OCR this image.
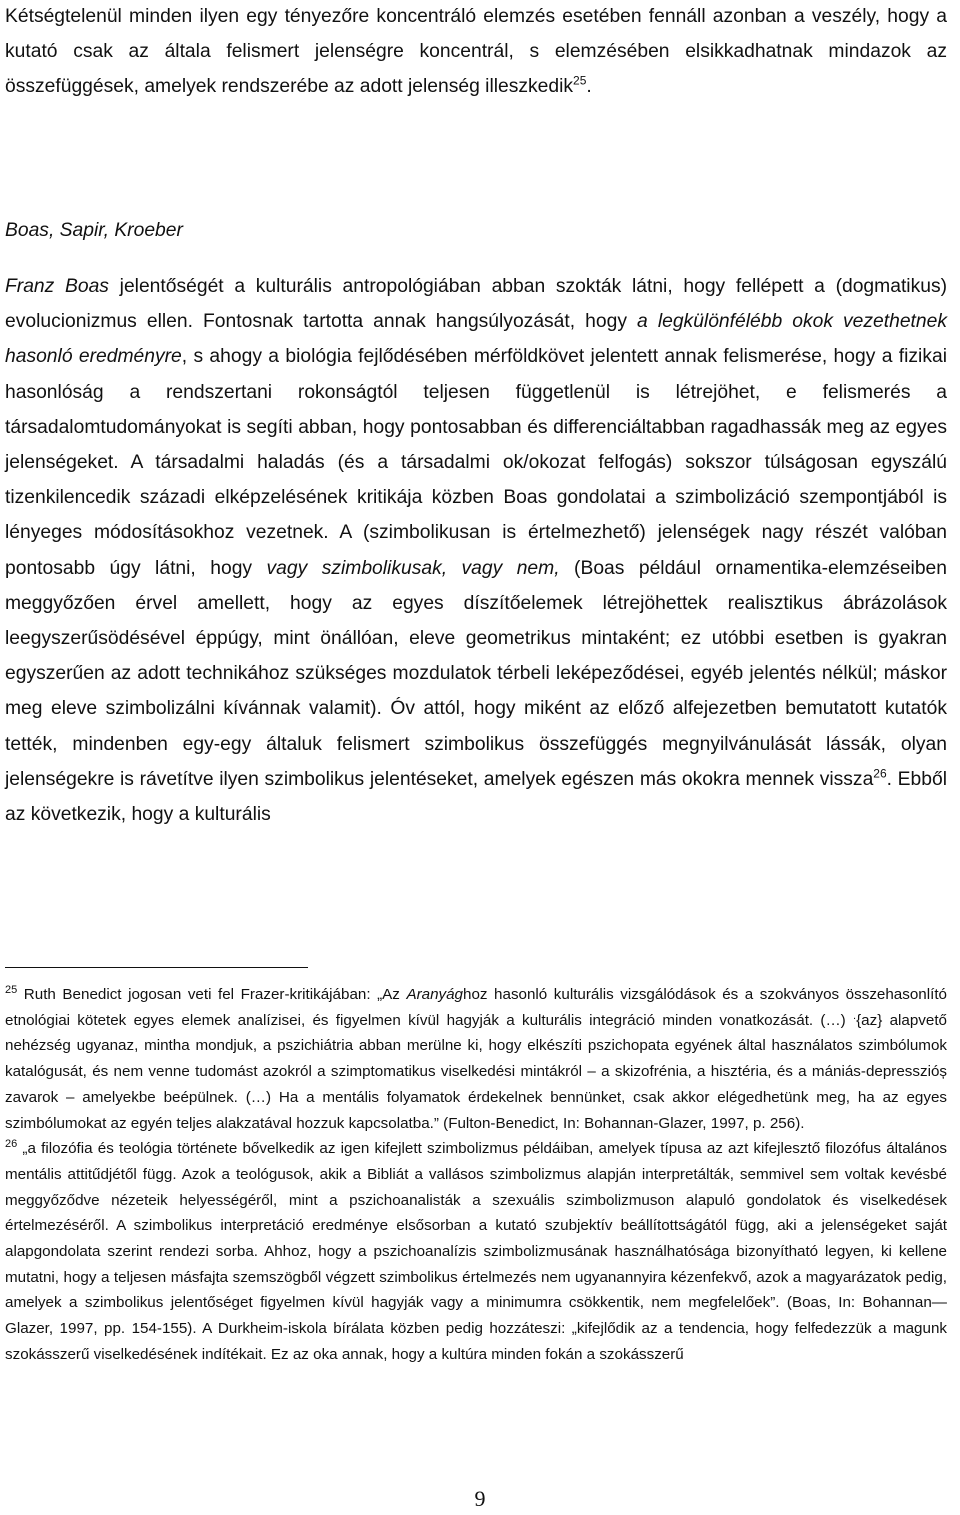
Kétségtelenül minden ilyen egy tényezőre koncentráló elemzés esetében fennáll azonban a veszély, hogy a kutató csak az általa felismert jelenségre koncentrál, s elemzésében elsikkadhatnak mindazok az összefüggések, amelyek rendszerébe az adott jelenség illeszkedik$^{25}$.
Boas, Sapir, Kroeber
Franz Boas jelentőségét a kulturális antropológiában abban szokták látni, hogy fellépett a (dogmatikus) evolucionizmus ellen. Fontosnak tartotta annak hangsúlyozását, hogy a legkülönfélébb okok vezethetnek hasonló eredményre, s ahogy a biológia fejlődésében mérföldkövet jelentett annak felismerése, hogy a fizikai hasonlóság a rendszertani rokonságtól teljesen függetlenül is létrejöhet, e felismerés a társadalomtudományokat is segíti abban, hogy pontosabban és differenciáltabban ragadhassák meg az egyes jelenségeket. A társadalmi haladás (és a társadalmi ok/okozat felfogás) sokszor túlságosan egyszálú tizenkilencedik századi elképzelésének kritikája közben Boas gondolatai a szimbolizáció szempontjából is lényeges módosításokhoz vezetnek. A (szimbolikusan is értelmezhető) jelenségek nagy részét valóban pontosabb úgy látni, hogy vagy szimbolikusak, vagy nem, (Boas például ornamentika-elemzéseiben meggyőzően érvel amellett, hogy az egyes díszítőelemek létrejöhettek realisztikus ábrázolások leegyszerűsödésével éppúgy, mint önállóan, eleve geometrikus mintaként; ez utóbbi esetben is gyakran egyszerűen az adott technikához szükséges mozdulatok térbeli leképeződései, egyéb jelentés nélkül; máskor meg eleve szimbolizálni kívánnak valamit). Óv attól, hogy miként az előző alfejezetben bemutatott kutatók tették, mindenben egy-egy általuk felismert szimbolikus összefüggés megnyilvánulását lássák, olyan jelenségekre is rávetítve ilyen szimbolikus jelentéseket, amelyek egészen más okokra mennek vissza$^{26}$. Ebből az következik, hogy a kulturális
$^{25}$ Ruth Benedict jogosan veti fel Frazer-kritikájában: „Az Aranyághoz hasonló kulturális vizsgálódások és a szokványos összehasonlító etnológiai kötetek egyes elemek analízisei, és figyelmen kívül hagyják a kulturális integráció minden vonatkozását. (…) .{az} alapvető nehézség ugyanaz, mintha mondjuk, a pszichiátria abban merülne ki, hogy elkészíti pszichopata egyének által használatos szimbólumok katalógusát, és nem venne tudomást azokról a szimptomatikus viselkedési mintákról – a skizofrénia, a hisztéria, és a mániás-depresszióș zavarok – amelyekbe beépülnek. (…) Ha a mentális folyamatok érdekelnek bennünket, csak akkor elégedhetünk meg, ha az egyes szimbólumokat az egyén teljes alakzatával hozzuk kapcsolatba.” (Fulton-Benedict, In: Bohannan-Glazer, 1997, p. 256).
$^{26}$ „a filozófia és teológia története bővelkedik az igen kifejlett szimbolizmus példáiban, amelyek típusa az azt kifejlesztő filozófus általános mentális attitűdjétől függ. Azok a teológusok, akik a Bibliát a vallásos szimbolizmus alapján interpretálták, semmivel sem voltak kevésbé meggyőződve nézeteik helyességéről, mint a pszichoanalisták a szexuális szimbolizmuson alapuló gondolatok és viselkedések értelmezéséről. A szimbolikus interpretáció eredménye elsősorban a kutató szubjektív beállítottságától függ, aki a jelenségeket saját alapgondolata szerint rendezi sorba. Ahhoz, hogy a pszichoanalízis szimbolizmusának használhatósága bizonyítható legyen, ki kellene mutatni, hogy a teljesen másfajta szemszögből végzett szimbolikus értelmezés nem ugyanannyira kézenfekvő, azok a magyarázatok pedig, amelyek a szimbolikus jelentőséget figyelmen kívül hagyják vagy a minimumra csökkentik, nem megfelelőek”. (Boas, In: Bohannan—Glazer, 1997, pp. 154-155). A Durkheim-iskola bírálata közben pedig hozzáteszi: „kifejlődik az a tendencia, hogy felfedezzük a magunk szokásszerű viselkedésének indítékait. Ez az oka annak, hogy a kultúra minden fokán a szokásszerű
9
